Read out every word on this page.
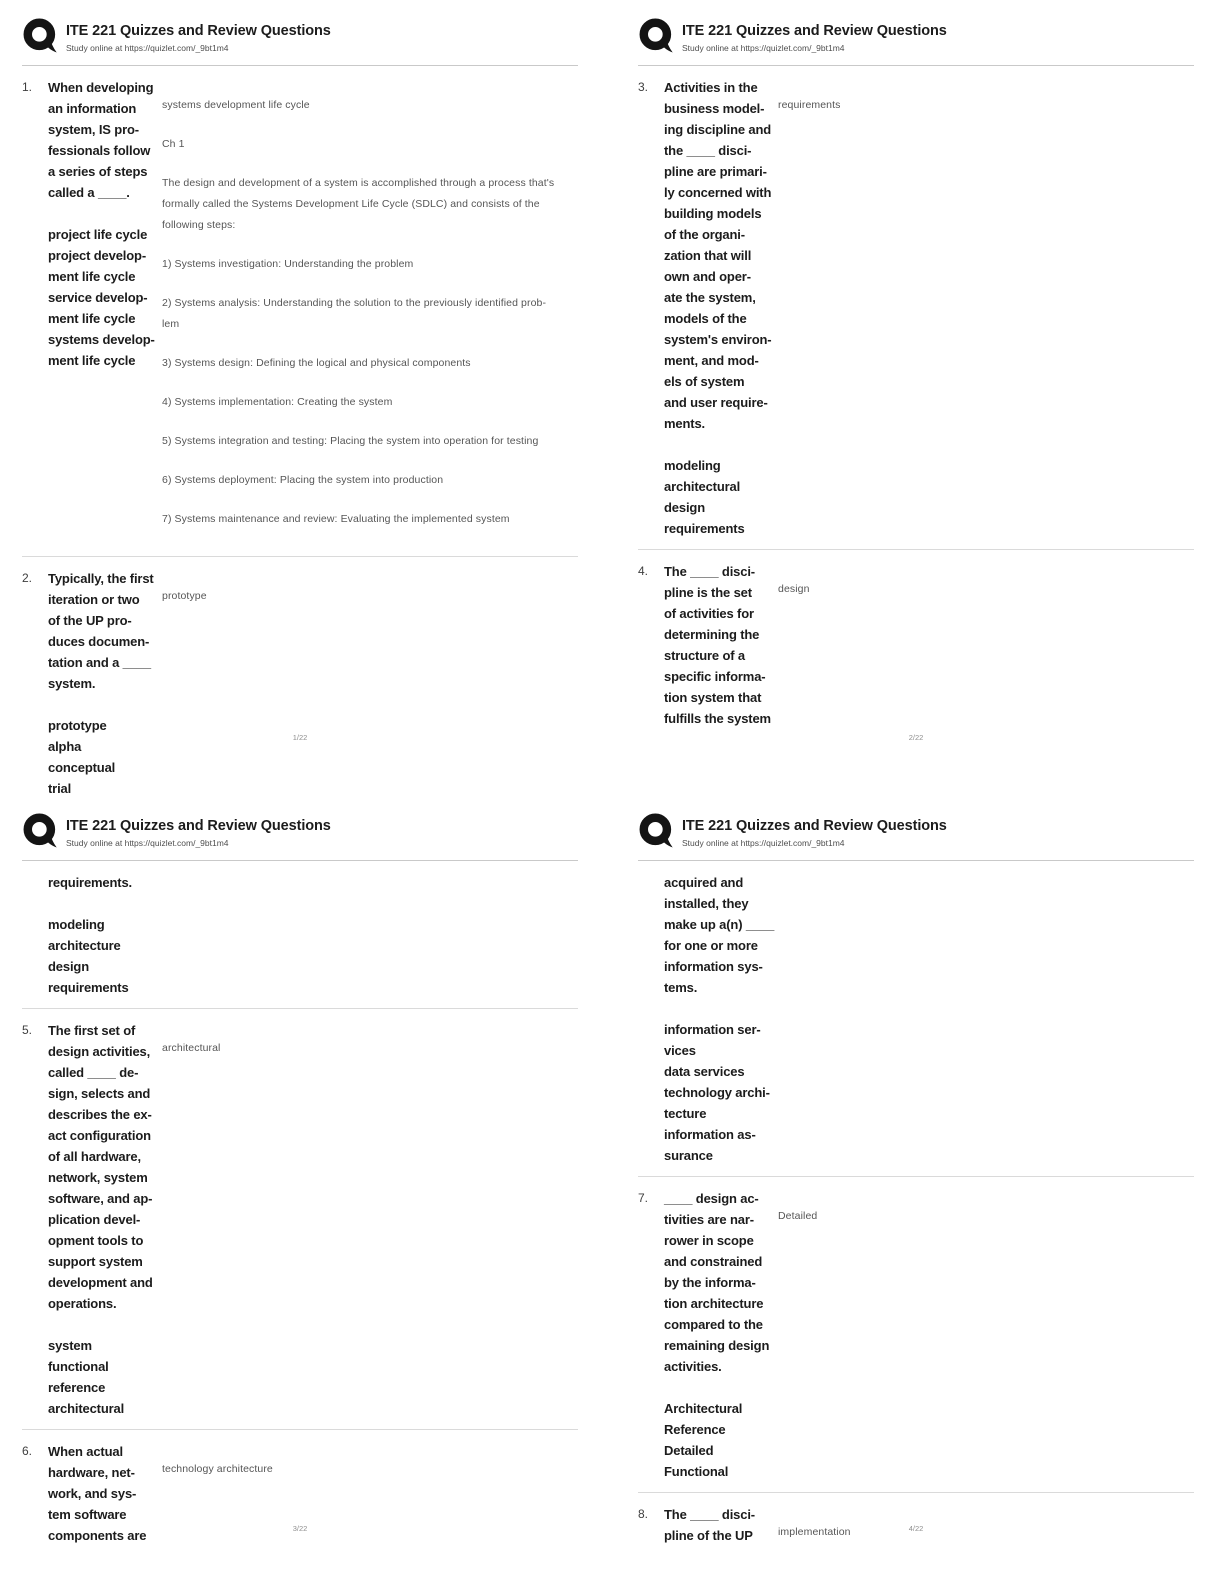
ITE 221 Quizzes and Review Questions
Study online at https://quizlet.com/_9bt1m4
1.	When developing
an information
system, IS pro-
fessionals follow
a series of steps
called a ____.
project life cycle
project develop-
ment life cycle
service develop-
ment life cycle
systems develop-
ment life cycle

systems development life cycle

Ch 1

The design and development of a system is accomplished through a process that's
formally called the Systems Development Life Cycle (SDLC) and consists of the
following steps:

1) Systems investigation: Understanding the problem

2) Systems analysis: Understanding the solution to the previously identified prob-
lem

3) Systems design: Defining the logical and physical components

4) Systems implementation: Creating the system

5) Systems integration and testing: Placing the system into operation for testing

6) Systems deployment: Placing the system into production

7) Systems maintenance and review: Evaluating the implemented system

2.	Typically, the first
iteration or two
of the UP pro-
duces documen-
tation and a ____
system.
prototype
alpha
conceptual
trial

prototype

1/22
ITE 221 Quizzes and Review Questions
Study online at https://quizlet.com/_9bt1m4
3.	Activities in the
business model-
ing discipline and
the ____ disci-
pline are primari-
ly concerned with
building models
of the organi-
zation that will
own and oper-
ate the system,
models of the
system's environ-
ment, and mod-
els of system
and user require-
ments.
modeling
architectural
design
requirements

requirements

4.	The ____ disci-
pline is the set
of activities for
determining the
structure of a
specific informa-
tion system that
fulfills the system

design

2/22
ITE 221 Quizzes and Review Questions
Study online at https://quizlet.com/_9bt1m4
requirements.
modeling
architecture
design
requirements
5.	The first set of
design activities,
called ____ de-
sign, selects and
describes the ex-
act configuration
of all hardware,
network, system
software, and ap-
plication devel-
opment tools to
support system
development and
operations.
system
functional
reference
architectural

architectural

6.	When actual
hardware, net-
work, and sys-
tem software
components are

technology architecture

3/22
ITE 221 Quizzes and Review Questions
Study online at https://quizlet.com/_9bt1m4
acquired and
installed, they
make up a(n) ____
for one or more
information sys-
tems.
information ser-
vices
data services
technology archi-
tecture
information as-
surance
7.	____ design ac-
tivities are nar-
rower in scope
and constrained
by the informa-
tion architecture
compared to the
remaining design
activities.
Architectural
Reference
Detailed
Functional

Detailed

8.	The ____ disci-
pline of the UP	implementation	4/22
